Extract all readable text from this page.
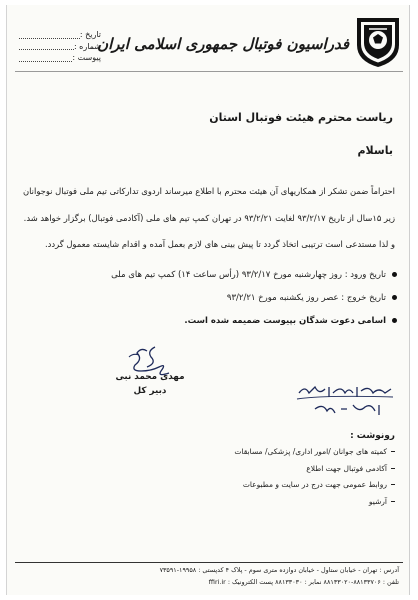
تاریخ :
شماره :
پیوست :
فدراسیون فوتبال جمهوری اسلامی ایران
ریاست محترم هیئت فوتبال استان
باسلام
احتراماً ضمن تشکر از همکاریهای آن هیئت محترم با اطلاع میرساند اردوی تدارکاتی تیم ملی فوتبال نوجوانان
زیر ۱۵سال از تاریخ ۹۳/۲/۱۷ لغایت ۹۳/۲/۲۱ در تهران کمپ تیم های ملی (آکادمی فوتبال) برگزار خواهد شد.
و لذا مستدعی است ترتیبی اتخاذ گردد تا پیش بینی های لازم بعمل آمده و اقدام شایسته معمول گردد.
تاریخ ورود : روز چهارشنبه مورخ ۹۳/۲/۱۷ (رأس ساعت ۱۴) کمپ تیم های ملی
تاریخ خروج : عصر روز یکشنبه مورخ ۹۳/۲/۲۱
اسامی دعوت شدگان بپیوست ضمیمه شده است.
مهدی محمد نبی
دبیر کل
رونوشت :
کمیته های جوانان /امور اداری/ پزشکی/ مسابقات
آکادمی فوتبال جهت اطلاع
روابط عمومی جهت درج در سایت و مطبوعات
آرشیو
آدرس : تهران - خیابان ستاول - خیابان دوازده متری سوم - پلاک ۴ کدپستی : ۱۹۹۵۸-۷۳۵۹۱
تلفن : ۸۸۱۳۳۷۰۶-۸۸۱۳۳۰۲۰ نمابر : ۸۸۱۳۳۰۳۰ پست الکترونیک : ffiri.ir
